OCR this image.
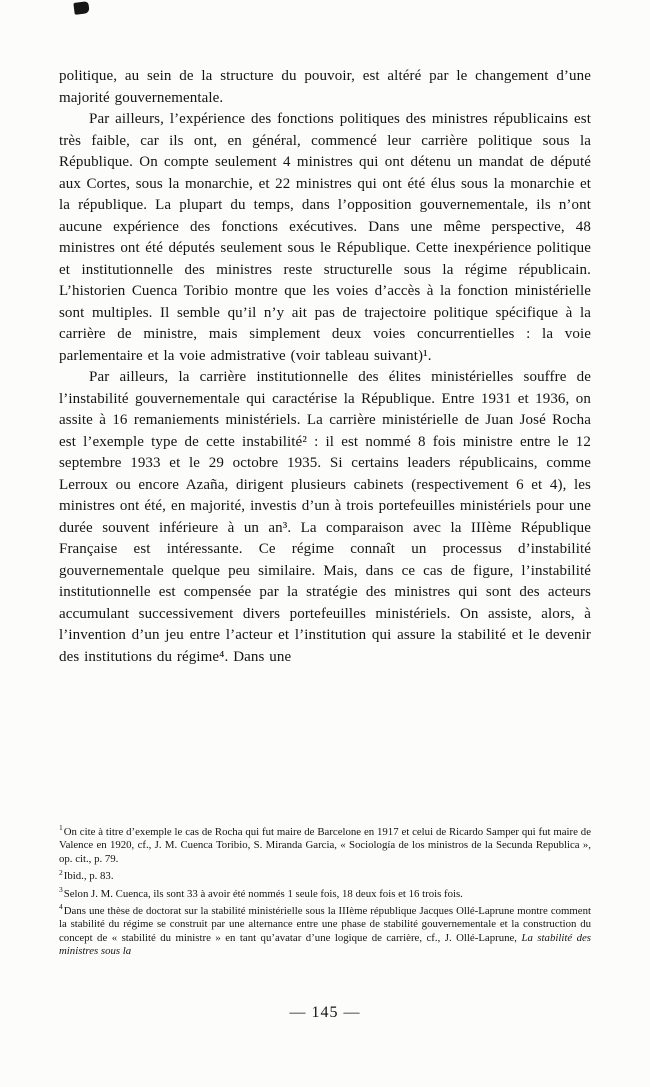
politique, au sein de la structure du pouvoir, est altéré par le changement d’une majorité gouvernementale.

Par ailleurs, l’expérience des fonctions politiques des ministres républicains est très faible, car ils ont, en général, commencé leur carrière politique sous la République. On compte seulement 4 ministres qui ont détenu un mandat de député aux Cortes, sous la monarchie, et 22 ministres qui ont été élus sous la monarchie et la république. La plupart du temps, dans l’opposition gouvernementale, ils n’ont aucune expérience des fonctions exécutives. Dans une même perspective, 48 ministres ont été députés seulement sous le République. Cette inexpérience politique et institutionnelle des ministres reste structurelle sous la régime républicain. L’historien Cuenca Toribio montre que les voies d’accès à la fonction ministérielle sont multiples. Il semble qu’il n’y ait pas de trajectoire politique spécifique à la carrière de ministre, mais simplement deux voies concurrentielles : la voie parlementaire et la voie admistrative (voir tableau suivant)¹.

Par ailleurs, la carrière institutionnelle des élites ministérielles souffre de l’instabilité gouvernementale qui caractérise la République. Entre 1931 et 1936, on assite à 16 remaniements ministériels. La carrière ministérielle de Juan José Rocha est l’exemple type de cette instabilité² : il est nommé 8 fois ministre entre le 12 septembre 1933 et le 29 octobre 1935. Si certains leaders républicains, comme Lerroux ou encore Azaña, dirigent plusieurs cabinets (respectivement 6 et 4), les ministres ont été, en majorité, investis d’un à trois portefeuilles ministériels pour une durée souvent inférieure à un an³. La comparaison avec la IIIème République Française est intéressante. Ce régime connaît un processus d’instabilité gouvernementale quelque peu similaire. Mais, dans ce cas de figure, l’instabilité institutionnelle est compensée par la stratégie des ministres qui sont des acteurs accumulant successivement divers portefeuilles ministériels. On assiste, alors, à l’invention d’un jeu entre l’acteur et l’institution qui assure la stabilité et le devenir des institutions du régime⁴. Dans une

$^1$On cite à titre d’exemple le cas de Rocha qui fut maire de Barcelone en 1917 et celui de Ricardo Samper qui fut maire de Valence en 1920, cf., J. M. Cuenca Toribio, S. Miranda Garcia, « Sociología de los ministros de la Secunda Republica », op. cit., p. 79.

$^2$Ibid., p. 83.

$^3$Selon J. M. Cuenca, ils sont 33 à avoir été nommés 1 seule fois, 18 deux fois et 16 trois fois.

$^4$Dans une thèse de doctorat sur la stabilité ministérielle sous la IIIème république Jacques Ollé-Laprune montre comment la stabilité du régime se construit par une alternance entre une phase de stabilité gouvernementale et la construction du concept de « stabilité du ministre » en tant qu’avatar d’une logique de carrière, cf., J. Ollé-Laprune, La stabilité des ministres sous la

— 145 —
